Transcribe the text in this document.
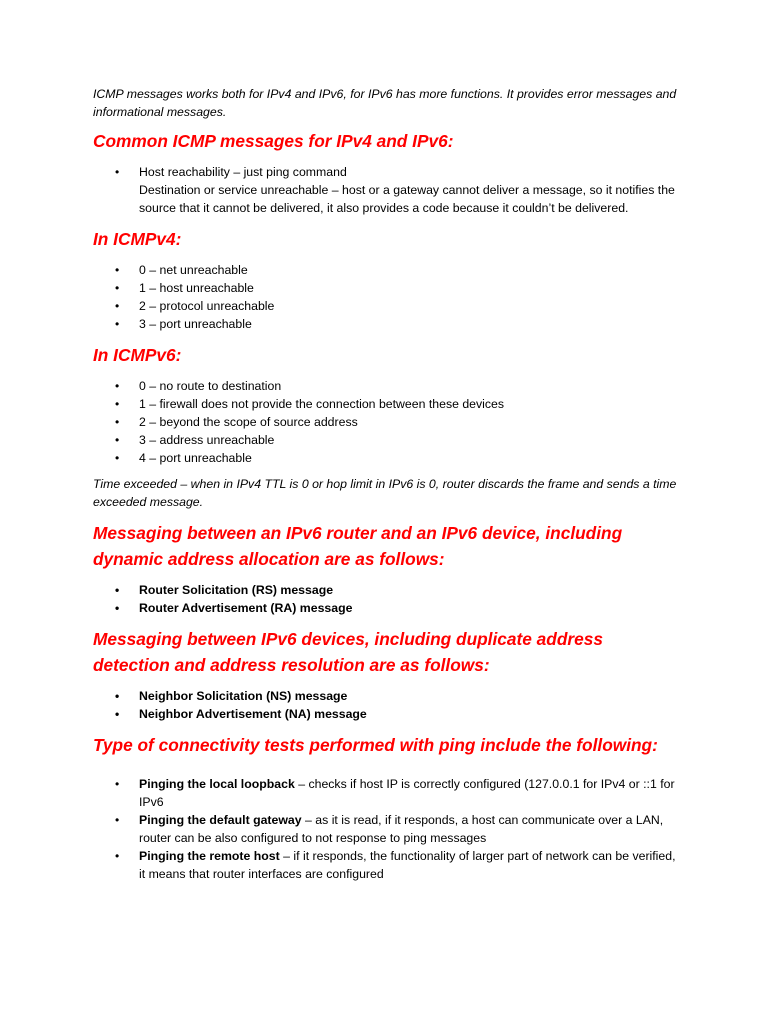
ICMP messages works both for IPv4 and IPv6, for IPv6 has more functions. It provides error messages and informational messages.

Common ICMP messages for IPv4 and IPv6:
• Host reachability – just ping command
Destination or service unreachable – host or a gateway cannot deliver a message, so it notifies the source that it cannot be delivered, it also provides a code because it couldn’t be delivered.
In ICMPv4:
• 0 – net unreachable
• 1 – host unreachable
• 2 – protocol unreachable
• 3 – port unreachable
In ICMPv6:
• 0 – no route to destination
• 1 – firewall does not provide the connection between these devices
• 2 – beyond the scope of source address
• 3 – address unreachable
• 4 – port unreachable

Time exceeded – when in IPv4 TTL is 0 or hop limit in IPv6 is 0, router discards the frame and sends a time exceeded message.

Messaging between an IPv6 router and an IPv6 device, including dynamic address allocation are as follows:
• Router Solicitation (RS) message
• Router Advertisement (RA) message
Messaging between IPv6 devices, including duplicate address detection and address resolution are as follows:
• Neighbor Solicitation (NS) message
• Neighbor Advertisement (NA) message
Type of connectivity tests performed with ping include the following:
• Pinging the local loopback – checks if host IP is correctly configured (127.0.0.1 for IPv4 or ::1 for IPv6
• Pinging the default gateway – as it is read, if it responds, a host can communicate over a LAN, router can be also configured to not response to ping messages
• Pinging the remote host – if it responds, the functionality of larger part of network can be verified, it means that router interfaces are configured
